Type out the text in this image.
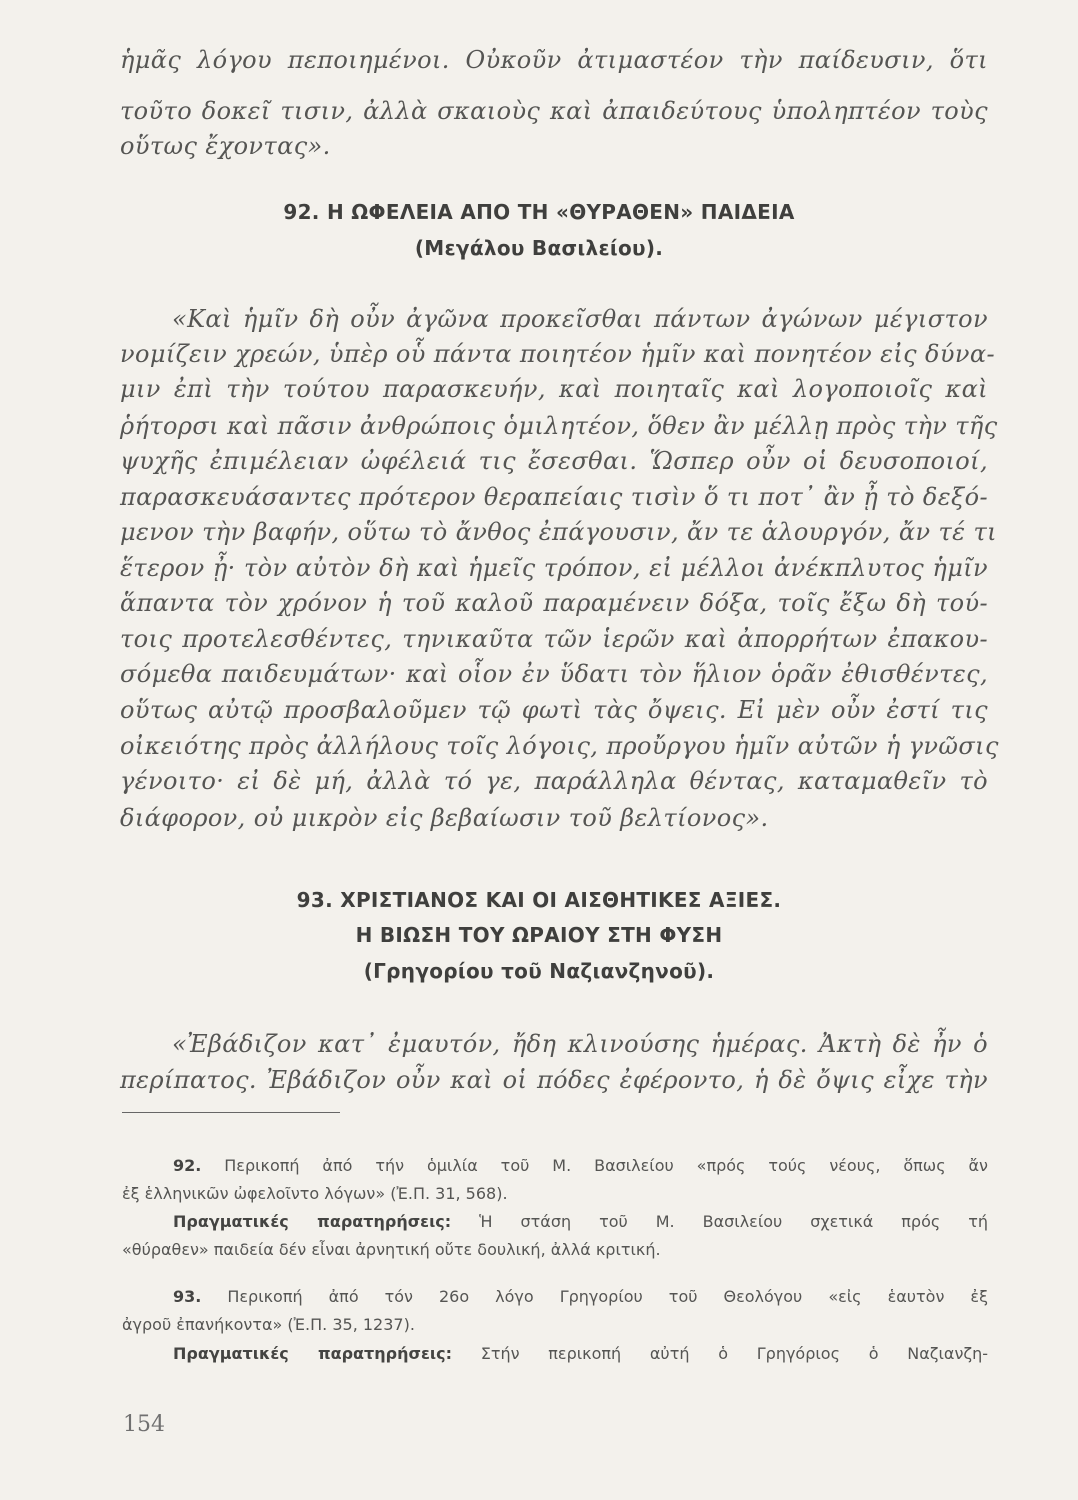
ἡμᾶς λόγου πεποιημένοι. Οὐκοῦν ἀτιμαστέον τὴν παίδευσιν, ὅτι
τοῦτο δοκεῖ τισιν, ἀλλὰ σκαιοὺς καὶ ἀπαιδεύτους ὑποληπτέον τοὺς
οὕτως ἔχοντας».
92. Η ΩΦΕΛΕΙΑ ΑΠΟ ΤΗ «ΘΥΡΑΘΕΝ» ΠΑΙΔΕΙΑ
(Μεγάλου Βασιλείου).
«Καὶ ἡμῖν δὴ οὖν ἀγῶνα προκεῖσθαι πάντων ἀγώνων μέγιστον
νομίζειν χρεών, ὑπὲρ οὗ πάντα ποιητέον ἡμῖν καὶ πονητέον εἰς δύνα-
μιν ἐπὶ τὴν τούτου παρασκευήν, καὶ ποιηταῖς καὶ λογοποιοῖς καὶ
ῥήτορσι καὶ πᾶσιν ἀνθρώποις ὁμιλητέον, ὅθεν ἂν μέλλῃ πρὸς τὴν τῆς
ψυχῆς ἐπιμέλειαν ὠφέλειά τις ἔσεσθαι. Ὥσπερ οὖν οἱ δευσοποιοί,
παρασκευάσαντες πρότερον θεραπείαις τισὶν ὅ τι ποτ᾽ ἂν ᾖ τὸ δεξό-
μενον τὴν βαφήν, οὕτω τὸ ἄνθος ἐπάγουσιν, ἄν τε ἁλουργόν, ἄν τέ τι
ἕτερον ᾖ· τὸν αὐτὸν δὴ καὶ ἡμεῖς τρόπον, εἰ μέλλοι ἀνέκπλυτος ἡμῖν
ἅπαντα τὸν χρόνον ἡ τοῦ καλοῦ παραμένειν δόξα, τοῖς ἔξω δὴ τού-
τοις προτελεσθέντες, τηνικαῦτα τῶν ἱερῶν καὶ ἀπορρήτων ἐπακου-
σόμεθα παιδευμάτων· καὶ οἷον ἐν ὕδατι τὸν ἥλιον ὁρᾶν ἐθισθέντες,
οὕτως αὐτῷ προσβαλοῦμεν τῷ φωτὶ τὰς ὄψεις. Εἰ μὲν οὖν ἐστί τις
οἰκειότης πρὸς ἀλλήλους τοῖς λόγοις, προὔργου ἡμῖν αὐτῶν ἡ γνῶσις
γένοιτο· εἰ δὲ μή, ἀλλὰ τό γε, παράλληλα θέντας, καταμαθεῖν τὸ
διάφορον, οὐ μικρὸν εἰς βεβαίωσιν τοῦ βελτίονος».
93. ΧΡΙΣΤΙΑΝΟΣ ΚΑΙ ΟΙ ΑΙΣΘΗΤΙΚΕΣ ΑΞΙΕΣ.
Η ΒΙΩΣΗ ΤΟΥ ΩΡΑΙΟΥ ΣΤΗ ΦΥΣΗ
(Γρηγορίου τοῦ Ναζιανζηνοῦ).
«Ἐβάδιζον κατ᾽ ἐμαυτόν, ἤδη κλινούσης ἡμέρας. Ἀκτὴ δὲ ἦν ὁ
περίπατος. Ἐβάδιζον οὖν καὶ οἱ πόδες ἐφέροντο, ἡ δὲ ὄψις εἶχε τὴν
92. Περικοπή ἀπό τήν ὁμιλία τοῦ Μ. Βασιλείου «πρός τούς νέους, ὅπως ἄν
ἐξ ἑλληνικῶν ὠφελοῖντο λόγων» (Ἐ.Π. 31, 568).
Πραγματικές παρατηρήσεις: Ἡ στάση τοῦ Μ. Βασιλείου σχετικά πρός τή
«θύραθεν» παιδεία δέν εἶναι ἀρνητική οὔτε δουλική, ἀλλά κριτική.
93. Περικοπή ἀπό τόν 26ο λόγο Γρηγορίου τοῦ Θεολόγου «εἰς ἑαυτὸν ἐξ
ἀγροῦ ἐπανήκοντα» (Ἐ.Π. 35, 1237).
Πραγματικές παρατηρήσεις: Στήν περικοπή αὐτή ὁ Γρηγόριος ὁ Ναζιανζη-
154
